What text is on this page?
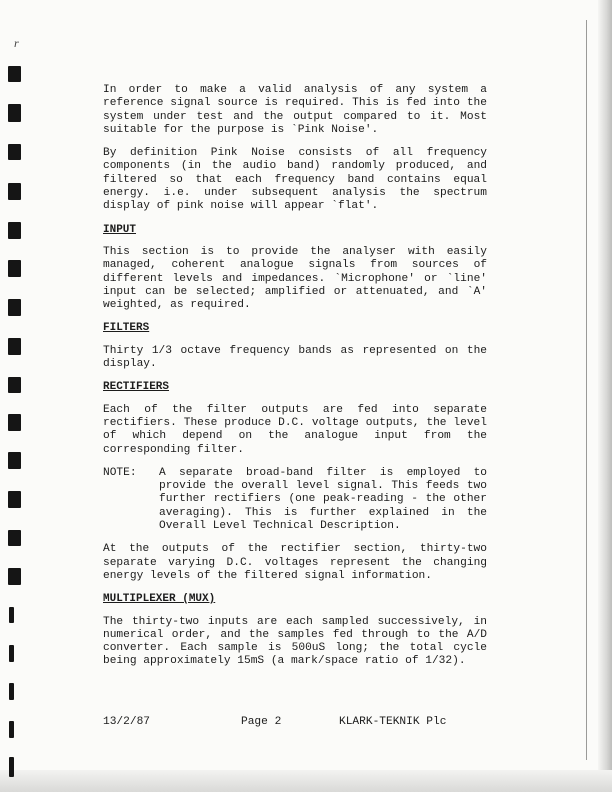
r

In order to make a valid analysis of any system a reference signal source is required. This is fed into the system under test and the output compared to it. Most suitable for the purpose is `Pink Noise'.

By definition Pink Noise consists of all frequency components (in the audio band) randomly produced, and filtered so that each frequency band contains equal energy. i.e. under subsequent analysis the spectrum display of pink noise will appear `flat'.

INPUT

This section is to provide the analyser with easily managed, coherent analogue signals from sources of different levels and impedances. `Microphone' or `line' input can be selected; amplified or attenuated, and `A' weighted, as required.

FILTERS

Thirty 1/3 octave frequency bands as represented on the display.

RECTIFIERS

Each of the filter outputs are fed into separate rectifiers. These produce D.C. voltage outputs, the level of which depend on the analogue input from the corresponding filter.

NOTE:	A separate broad-band filter is employed to provide the overall level signal. This feeds two further rectifiers (one peak-reading - the other averaging). This is further explained in the Overall Level Technical Description.

At the outputs of the rectifier section, thirty-two separate varying D.C. voltages represent the changing energy levels of the filtered signal information.

MULTIPLEXER (MUX)

The thirty-two inputs are each sampled successively, in numerical order, and the samples fed through to the A/D converter. Each sample is 500uS long; the total cycle being approximately 15mS (a mark/space ratio of 1/32).

13/2/87	Page 2	KLARK-TEKNIK Plc
